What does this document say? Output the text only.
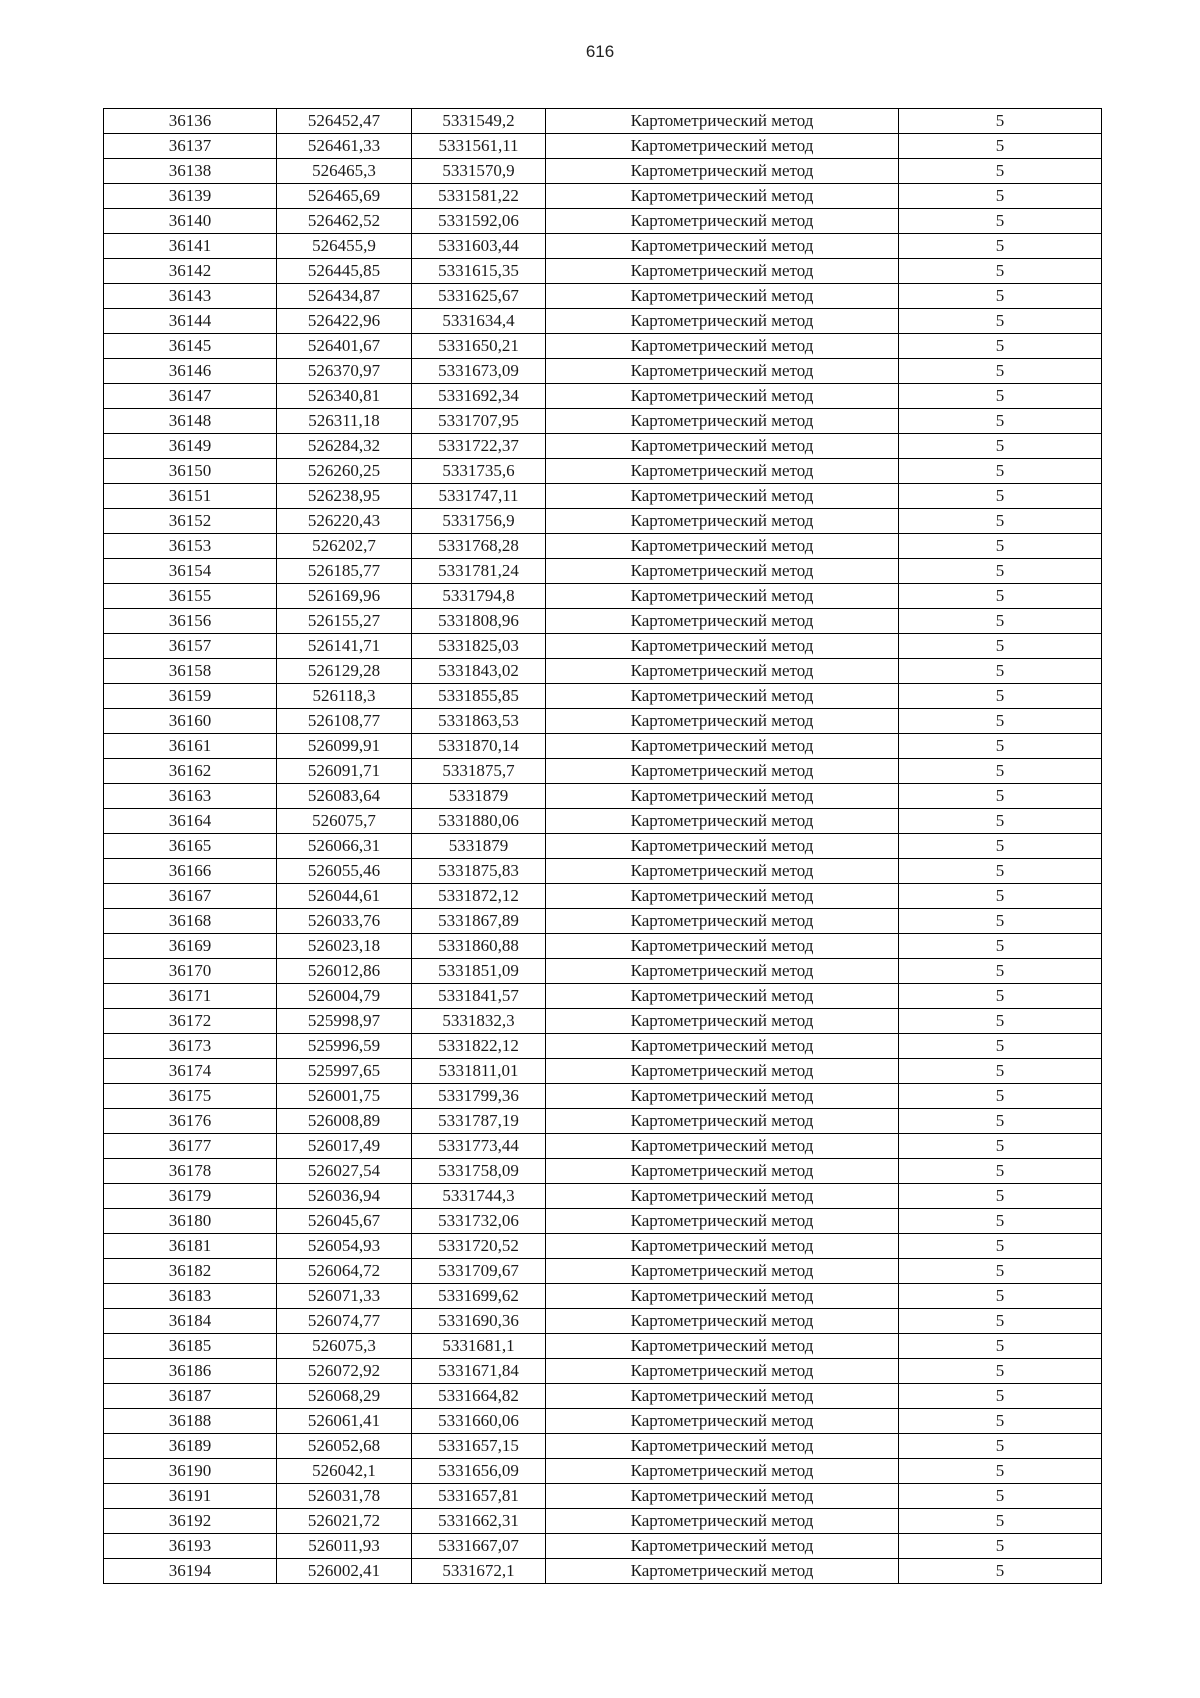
616
36136	526452,47	5331549,2	Картометрический метод	5
36137	526461,33	5331561,11	Картометрический метод	5
36138	526465,3	5331570,9	Картометрический метод	5
36139	526465,69	5331581,22	Картометрический метод	5
36140	526462,52	5331592,06	Картометрический метод	5
36141	526455,9	5331603,44	Картометрический метод	5
36142	526445,85	5331615,35	Картометрический метод	5
36143	526434,87	5331625,67	Картометрический метод	5
36144	526422,96	5331634,4	Картометрический метод	5
36145	526401,67	5331650,21	Картометрический метод	5
36146	526370,97	5331673,09	Картометрический метод	5
36147	526340,81	5331692,34	Картометрический метод	5
36148	526311,18	5331707,95	Картометрический метод	5
36149	526284,32	5331722,37	Картометрический метод	5
36150	526260,25	5331735,6	Картометрический метод	5
36151	526238,95	5331747,11	Картометрический метод	5
36152	526220,43	5331756,9	Картометрический метод	5
36153	526202,7	5331768,28	Картометрический метод	5
36154	526185,77	5331781,24	Картометрический метод	5
36155	526169,96	5331794,8	Картометрический метод	5
36156	526155,27	5331808,96	Картометрический метод	5
36157	526141,71	5331825,03	Картометрический метод	5
36158	526129,28	5331843,02	Картометрический метод	5
36159	526118,3	5331855,85	Картометрический метод	5
36160	526108,77	5331863,53	Картометрический метод	5
36161	526099,91	5331870,14	Картометрический метод	5
36162	526091,71	5331875,7	Картометрический метод	5
36163	526083,64	5331879	Картометрический метод	5
36164	526075,7	5331880,06	Картометрический метод	5
36165	526066,31	5331879	Картометрический метод	5
36166	526055,46	5331875,83	Картометрический метод	5
36167	526044,61	5331872,12	Картометрический метод	5
36168	526033,76	5331867,89	Картометрический метод	5
36169	526023,18	5331860,88	Картометрический метод	5
36170	526012,86	5331851,09	Картометрический метод	5
36171	526004,79	5331841,57	Картометрический метод	5
36172	525998,97	5331832,3	Картометрический метод	5
36173	525996,59	5331822,12	Картометрический метод	5
36174	525997,65	5331811,01	Картометрический метод	5
36175	526001,75	5331799,36	Картометрический метод	5
36176	526008,89	5331787,19	Картометрический метод	5
36177	526017,49	5331773,44	Картометрический метод	5
36178	526027,54	5331758,09	Картометрический метод	5
36179	526036,94	5331744,3	Картометрический метод	5
36180	526045,67	5331732,06	Картометрический метод	5
36181	526054,93	5331720,52	Картометрический метод	5
36182	526064,72	5331709,67	Картометрический метод	5
36183	526071,33	5331699,62	Картометрический метод	5
36184	526074,77	5331690,36	Картометрический метод	5
36185	526075,3	5331681,1	Картометрический метод	5
36186	526072,92	5331671,84	Картометрический метод	5
36187	526068,29	5331664,82	Картометрический метод	5
36188	526061,41	5331660,06	Картометрический метод	5
36189	526052,68	5331657,15	Картометрический метод	5
36190	526042,1	5331656,09	Картометрический метод	5
36191	526031,78	5331657,81	Картометрический метод	5
36192	526021,72	5331662,31	Картометрический метод	5
36193	526011,93	5331667,07	Картометрический метод	5
36194	526002,41	5331672,1	Картометрический метод	5
